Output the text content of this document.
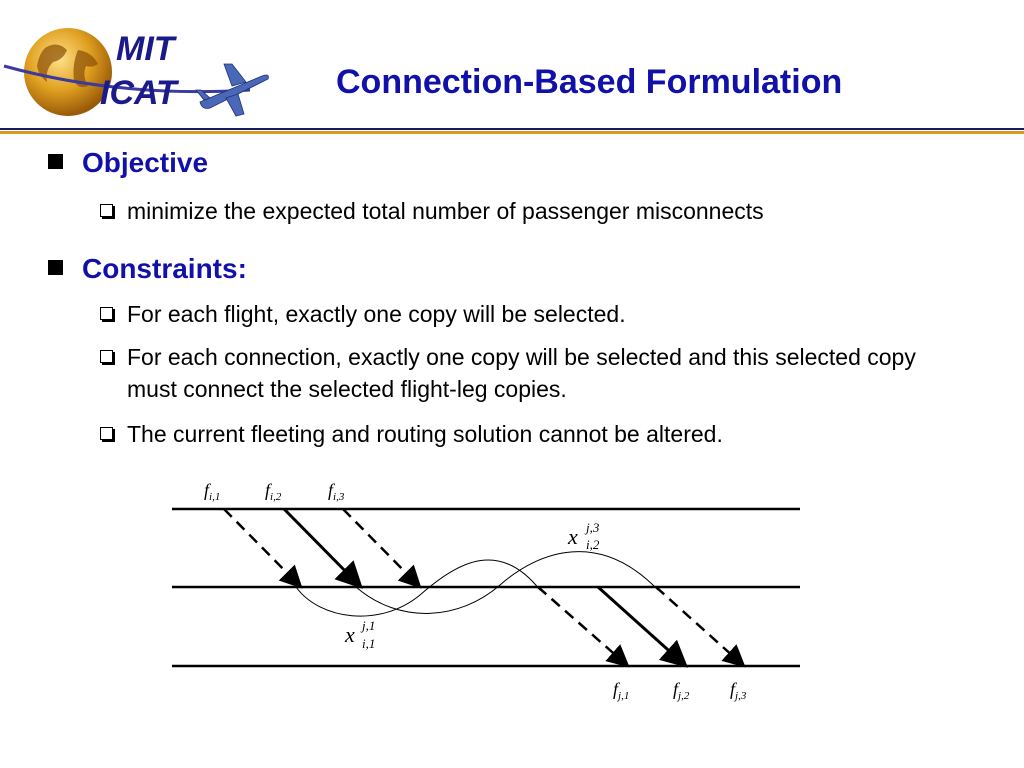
MIT
ICAT	Connection-Based Formulation
Objective
minimize the expected total number of passenger misconnects
Constraints:
For each flight, exactly one copy will be selected.
For each connection, exactly one copy will be selected and this selected copy must connect the selected flight-leg copies.
The current fleeting and routing solution cannot be altered.
$f_{i,1}$ $f_{i,2}$	$f_{i,3}$
$f_{j,1}$ $f_{j,2}$ $f_{j,3}$
x j,3 i,2
x j,1 i,1
